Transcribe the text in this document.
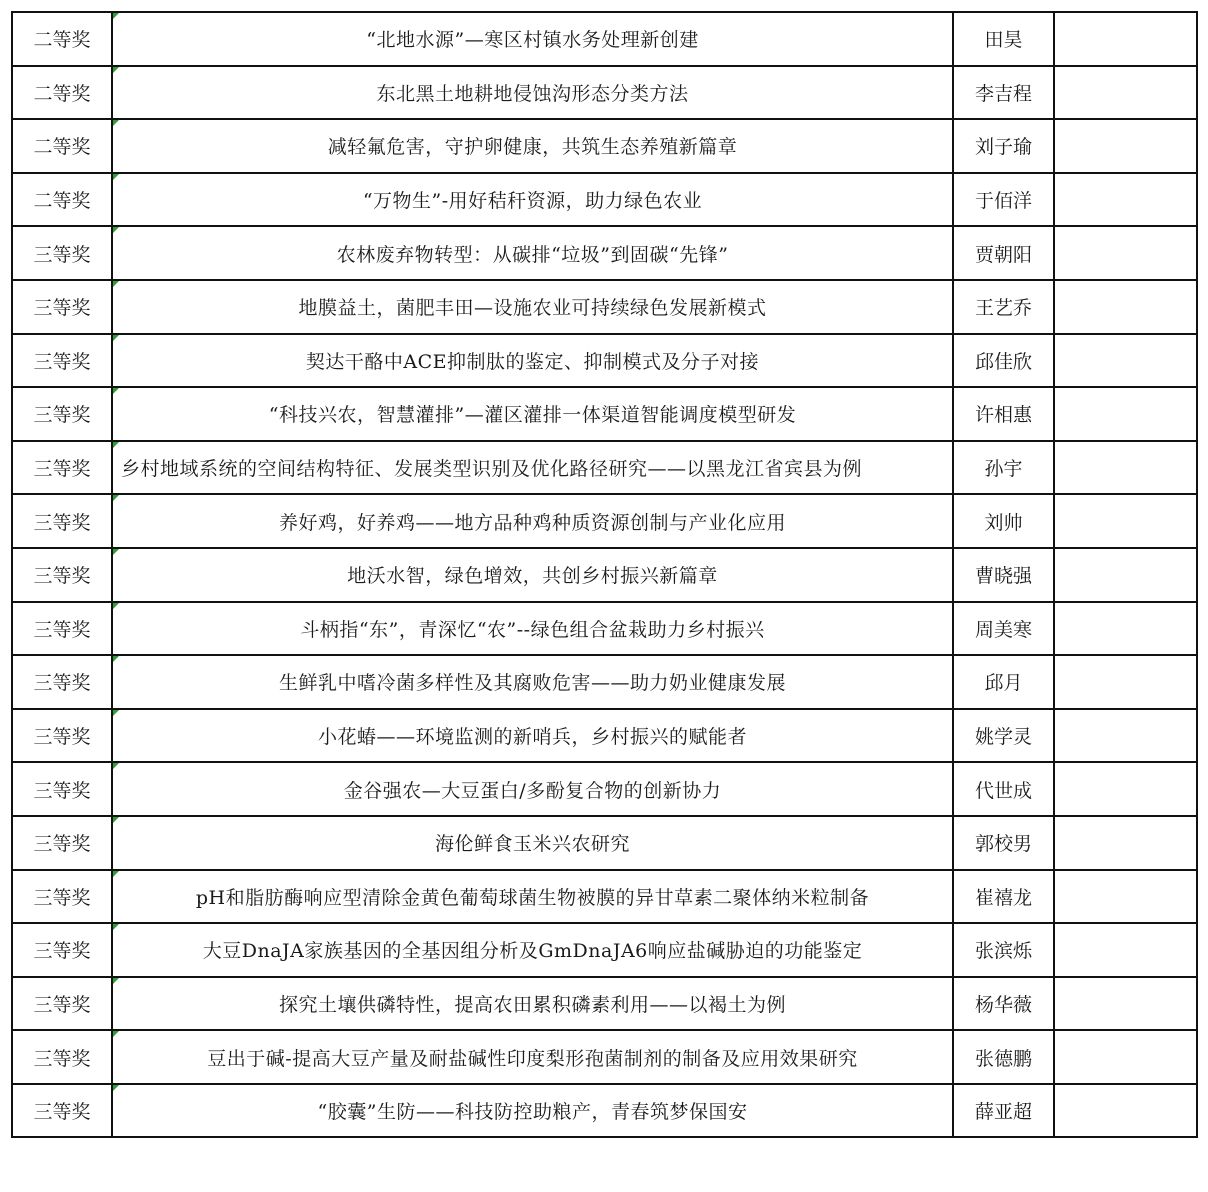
二等奖	“北地水源”—寒区村镇水务处理新创建	田昊	
二等奖	东北黑土地耕地侵蚀沟形态分类方法	李吉程	
二等奖	减轻氟危害，守护卵健康，共筑生态养殖新篇章	刘子瑜	
二等奖	“万物生”-用好秸秆资源，助力绿色农业	于佰洋	
三等奖	农林废弃物转型：从碳排“垃圾”到固碳“先锋”	贾朝阳	
三等奖	地膜益土，菌肥丰田—设施农业可持续绿色发展新模式	王艺乔	
三等奖	契达干酪中ACE抑制肽的鉴定、抑制模式及分子对接	邱佳欣	
三等奖	“科技兴农，智慧灌排”—灌区灌排一体渠道智能调度模型研发	许相惠	
三等奖	乡村地域系统的空间结构特征、发展类型识别及优化路径研究——以黑龙江省宾县为例	孙宇	
三等奖	养好鸡，好养鸡——地方品种鸡种质资源创制与产业化应用	刘帅	
三等奖	地沃水智，绿色增效，共创乡村振兴新篇章	曹晓强	
三等奖	斗柄指“东”，青深忆“农”--绿色组合盆栽助力乡村振兴	周美寒	
三等奖	生鲜乳中嗜冷菌多样性及其腐败危害——助力奶业健康发展	邱月	
三等奖	小花蝽——环境监测的新哨兵，乡村振兴的赋能者	姚学灵	
三等奖	金谷强农—大豆蛋白/多酚复合物的创新协力	代世成	
三等奖	海伦鲜食玉米兴农研究	郭校男	
三等奖	pH和脂肪酶响应型清除金黄色葡萄球菌生物被膜的异甘草素二聚体纳米粒制备	崔禧龙	
三等奖	大豆DnaJA家族基因的全基因组分析及GmDnaJA6响应盐碱胁迫的功能鉴定	张滨烁	
三等奖	探究土壤供磷特性，提高农田累积磷素利用——以褐土为例	杨华薇	
三等奖	豆出于碱-提高大豆产量及耐盐碱性印度梨形孢菌制剂的制备及应用效果研究	张德鹏	
三等奖	“胶囊”生防——科技防控助粮产，青春筑梦保国安	薛亚超	
